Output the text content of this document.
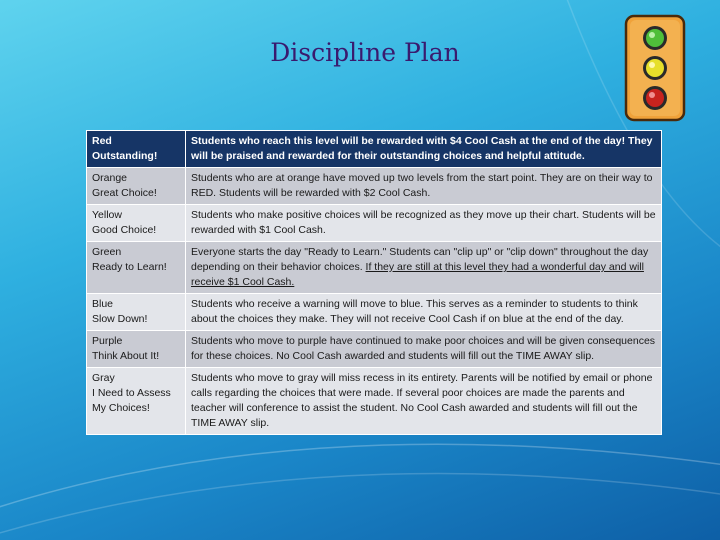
Discipline Plan
Red
Outstanding!	Students who reach this level will be rewarded with $4 Cool Cash at the end of the day! They will be praised and rewarded for their outstanding choices and helpful attitude.

Orange
Great Choice!	Students who are at orange have moved up two levels from the start point. They are on their way to RED. Students will be rewarded with $2 Cool Cash.

Yellow
Good Choice!	Students who make positive choices will be recognized as they move up their chart. Students will be rewarded with $1 Cool Cash.

Green
Ready to Learn!	Everyone starts the day "Ready to Learn." Students can "clip up" or "clip down" throughout the day depending on their behavior choices. If they are still at this level they had a wonderful day and will receive $1 Cool Cash.

Blue
Slow Down!	Students who receive a warning will move to blue. This serves as a reminder to students to think about the choices they make. They will not receive Cool Cash if on blue at the end of the day.

Purple
Think About It!	Students who move to purple have continued to make poor choices and will be given consequences for these choices. No Cool Cash awarded and students will fill out the TIME AWAY slip.

Gray
I Need to Assess My Choices!	Students who move to gray will miss recess in its entirety. Parents will be notified by email or phone calls regarding the choices that were made. If several poor choices are made the parents and teacher will conference to assist the student. No Cool Cash awarded and students will fill out the TIME AWAY slip.
